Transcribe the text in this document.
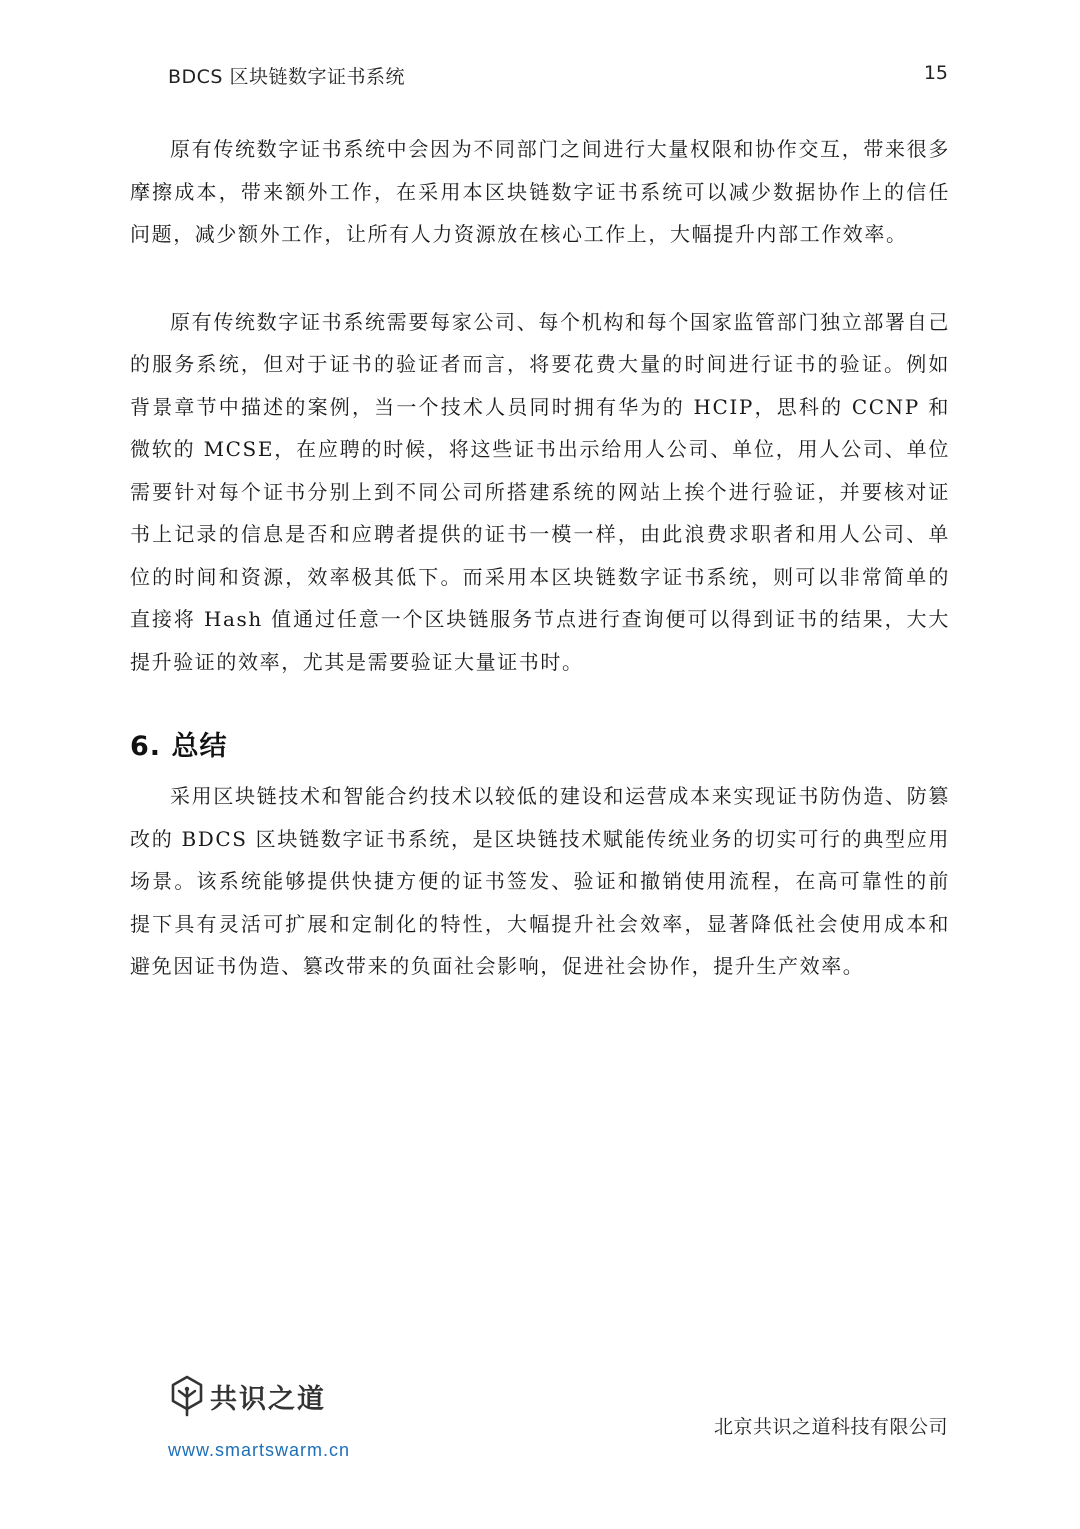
BDCS 区块链数字证书系统	15

原有传统数字证书系统中会因为不同部门之间进行大量权限和协作交互，带来很多摩擦成本，带来额外工作，在采用本区块链数字证书系统可以减少数据协作上的信任问题，减少额外工作，让所有人力资源放在核心工作上，大幅提升内部工作效率。

原有传统数字证书系统需要每家公司、每个机构和每个国家监管部门独立部署自己的服务系统，但对于证书的验证者而言，将要花费大量的时间进行证书的验证。例如背景章节中描述的案例，当一个技术人员同时拥有华为的 HCIP，思科的 CCNP 和微软的 MCSE，在应聘的时候，将这些证书出示给用人公司、单位，用人公司、单位需要针对每个证书分别上到不同公司所搭建系统的网站上挨个进行验证，并要核对证书上记录的信息是否和应聘者提供的证书一模一样，由此浪费求职者和用人公司、单位的时间和资源，效率极其低下。而采用本区块链数字证书系统，则可以非常简单的直接将 Hash 值通过任意一个区块链服务节点进行查询便可以得到证书的结果，大大提升验证的效率，尤其是需要验证大量证书时。

6. 总结

采用区块链技术和智能合约技术以较低的建设和运营成本来实现证书防伪造、防篡改的 BDCS 区块链数字证书系统，是区块链技术赋能传统业务的切实可行的典型应用场景。该系统能够提供快捷方便的证书签发、验证和撤销使用流程，在高可靠性的前提下具有灵活可扩展和定制化的特性，大幅提升社会效率，显著降低社会使用成本和避免因证书伪造、篡改带来的负面社会影响，促进社会协作，提升生产效率。

共识之道
www.smartswarm.cn
北京共识之道科技有限公司
